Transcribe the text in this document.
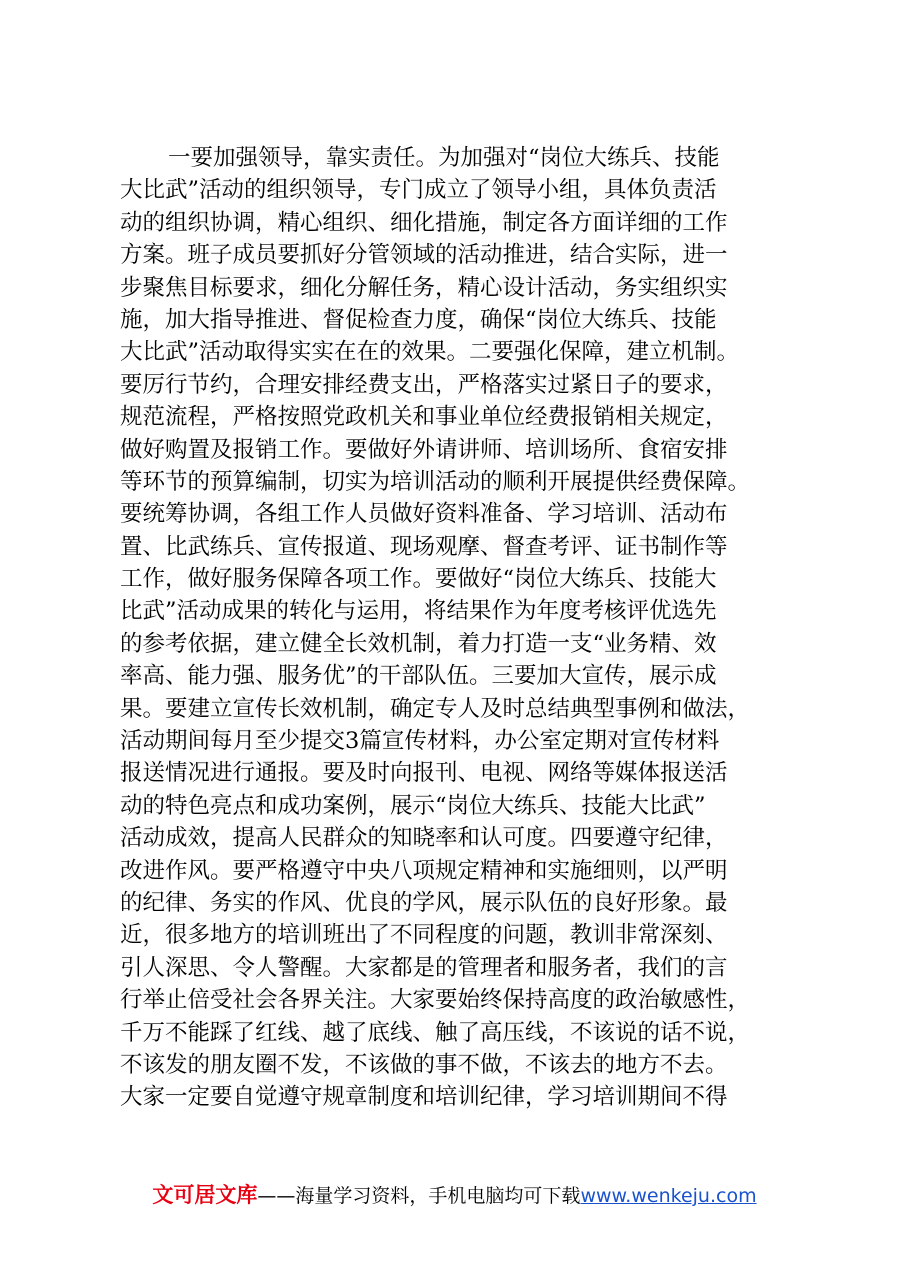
一要加强领导，靠实责任。为加强对“岗位大练兵、技能
大比武”活动的组织领导，专门成立了领导小组，具体负责活
动的组织协调，精心组织、细化措施，制定各方面详细的工作
方案。班子成员要抓好分管领域的活动推进，结合实际，进一
步聚焦目标要求，细化分解任务，精心设计活动，务实组织实
施，加大指导推进、督促检查力度，确保“岗位大练兵、技能
大比武”活动取得实实在在的效果。二要强化保障，建立机制。
要厉行节约，合理安排经费支出，严格落实过紧日子的要求，
规范流程，严格按照党政机关和事业单位经费报销相关规定，
做好购置及报销工作。要做好外请讲师、培训场所、食宿安排
等环节的预算编制，切实为培训活动的顺利开展提供经费保障。
要统筹协调，各组工作人员做好资料准备、学习培训、活动布
置、比武练兵、宣传报道、现场观摩、督查考评、证书制作等
工作，做好服务保障各项工作。要做好“岗位大练兵、技能大
比武”活动成果的转化与运用，将结果作为年度考核评优选先
的参考依据，建立健全长效机制，着力打造一支“业务精、效
率高、能力强、服务优”的干部队伍。三要加大宣传，展示成
果。要建立宣传长效机制，确定专人及时总结典型事例和做法，
活动期间每月至少提交3篇宣传材料，办公室定期对宣传材料
报送情况进行通报。要及时向报刊、电视、网络等媒体报送活
动的特色亮点和成功案例，展示“岗位大练兵、技能大比武”
活动成效，提高人民群众的知晓率和认可度。四要遵守纪律，
改进作风。要严格遵守中央八项规定精神和实施细则，以严明
的纪律、务实的作风、优良的学风，展示队伍的良好形象。最
近，很多地方的培训班出了不同程度的问题，教训非常深刻、
引人深思、令人警醒。大家都是的管理者和服务者，我们的言
行举止倍受社会各界关注。大家要始终保持高度的政治敏感性，
千万不能踩了红线、越了底线、触了高压线，不该说的话不说，
不该发的朋友圈不发，不该做的事不做，不该去的地方不去。
大家一定要自觉遵守规章制度和培训纪律，学习培训期间不得
文可居文库——海量学习资料，手机电脑均可下载www.wenkeju.com
